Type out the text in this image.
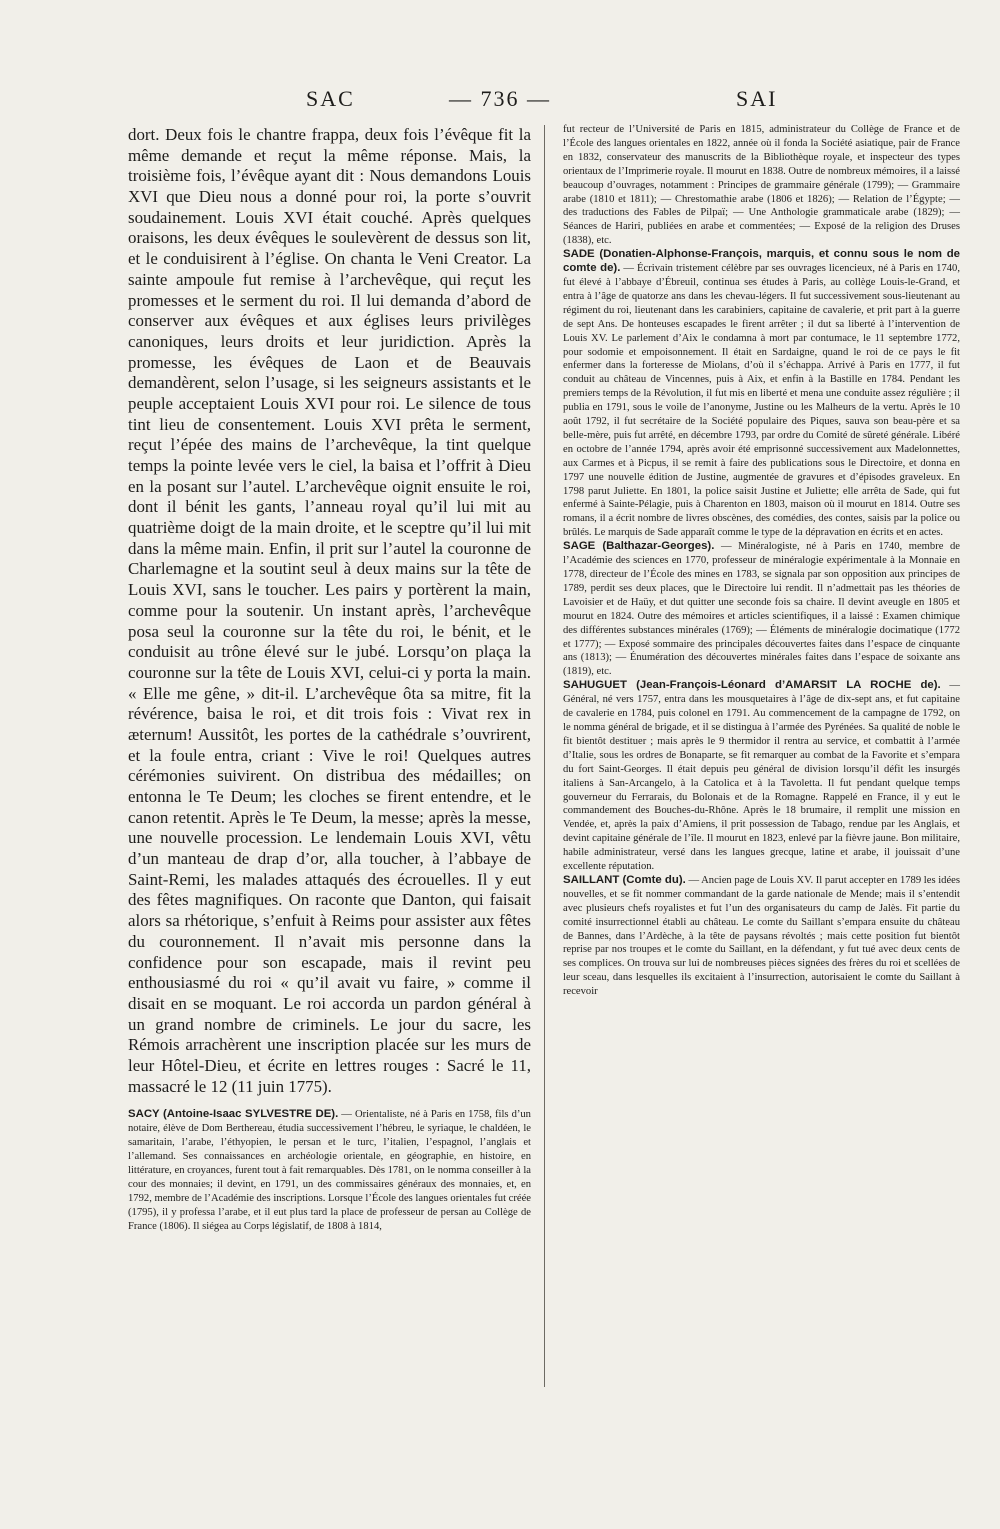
SAC	— 736 —	SAI

dort. Deux fois le chantre frappa, deux fois l’évêque fit la même demande et reçut la même réponse. Mais, la troisième fois, l’évêque ayant dit : Nous demandons Louis XVI que Dieu nous a donné pour roi, la porte s’ouvrit soudainement. Louis XVI était couché. Après quelques oraisons, les deux évêques le soulevèrent de dessus son lit, et le conduisirent à l’église. On chanta le Veni Creator. La sainte ampoule fut remise à l’archevêque, qui reçut les promesses et le serment du roi. Il lui demanda d’abord de conserver aux évêques et aux églises leurs privilèges canoniques, leurs droits et leur juridiction. Après la promesse, les évêques de Laon et de Beauvais demandèrent, selon l’usage, si les seigneurs assistants et le peuple acceptaient Louis XVI pour roi. Le silence de tous tint lieu de consentement. Louis XVI prêta le serment, reçut l’épée des mains de l’archevêque, la tint quelque temps la pointe levée vers le ciel, la baisa et l’offrit à Dieu en la posant sur l’autel. L’archevêque oignit ensuite le roi, dont il bénit les gants, l’anneau royal qu’il lui mit au quatrième doigt de la main droite, et le sceptre qu’il lui mit dans la même main. Enfin, il prit sur l’autel la couronne de Charlemagne et la soutint seul à deux mains sur la tête de Louis XVI, sans le toucher. Les pairs y portèrent la main, comme pour la soutenir. Un instant après, l’archevêque posa seul la couronne sur la tête du roi, le bénit, et le conduisit au trône élevé sur le jubé. Lorsqu’on plaça la couronne sur la tête de Louis XVI, celui-ci y porta la main. « Elle me gêne, » dit-il. L’archevêque ôta sa mitre, fit la révérence, baisa le roi, et dit trois fois : Vivat rex in æternum! Aussitôt, les portes de la cathédrale s’ouvrirent, et la foule entra, criant : Vive le roi! Quelques autres cérémonies suivirent. On distribua des médailles; on entonna le Te Deum; les cloches se firent entendre, et le canon retentit. Après le Te Deum, la messe; après la messe, une nouvelle procession. Le lendemain Louis XVI, vêtu d’un manteau de drap d’or, alla toucher, à l’abbaye de Saint-Remi, les malades attaqués des écrouelles. Il y eut des fêtes magnifiques. On raconte que Danton, qui faisait alors sa rhétorique, s’enfuit à Reims pour assister aux fêtes du couronnement. Il n’avait mis personne dans la confidence pour son escapade, mais il revint peu enthousiasmé du roi « qu’il avait vu faire, » comme il disait en se moquant. Le roi accorda un pardon général à un grand nombre de criminels. Le jour du sacre, les Rémois arrachèrent une inscription placée sur les murs de leur Hôtel-Dieu, et écrite en lettres rouges : Sacré le 11, massacré le 12 (11 juin 1775).

SACY (Antoine-Isaac SYLVESTRE DE). — Orientaliste, né à Paris en 1758, fils d’un notaire, élève de Dom Berthereau, étudia successivement l’hébreu, le syriaque, le chaldéen, le samaritain, l’arabe, l’éthyopien, le persan et le turc, l’italien, l’espagnol, l’anglais et l’allemand. Ses connaissances en archéologie orientale, en géographie, en histoire, en littérature, en croyances, furent tout à fait remarquables. Dès 1781, on le nomma conseiller à la cour des monnaies; il devint, en 1791, un des commissaires généraux des monnaies, et, en 1792, membre de l’Académie des inscriptions. Lorsque l’École des langues orientales fut créée (1795), il y professa l’arabe, et il eut plus tard la place de professeur de persan au Collège de France (1806). Il siégea au Corps législatif, de 1808 à 1814,

fut recteur de l’Université de Paris en 1815, administrateur du Collège de France et de l’École des langues orientales en 1822, année où il fonda la Société asiatique, pair de France en 1832, conservateur des manuscrits de la Bibliothèque royale, et inspecteur des types orientaux de l’Imprimerie royale. Il mourut en 1838. Outre de nombreux mémoires, il a laissé beaucoup d’ouvrages, notamment : Principes de grammaire générale (1799); — Grammaire arabe (1810 et 1811); — Chrestomathie arabe (1806 et 1826); — Relation de l’Égypte; — des traductions des Fables de Pilpaï; — Une Anthologie grammaticale arabe (1829); — Séances de Hariri, publiées en arabe et commentées; — Exposé de la religion des Druses (1838), etc.

SADE (Donatien-Alphonse-François, marquis, et connu sous le nom de comte de). — Écrivain tristement célèbre par ses ouvrages licencieux, né à Paris en 1740, fut élevé à l’abbaye d’Ébreuil, continua ses études à Paris, au collège Louis-le-Grand, et entra à l’âge de quatorze ans dans les chevau-légers. Il fut successivement sous-lieutenant au régiment du roi, lieutenant dans les carabiniers, capitaine de cavalerie, et prit part à la guerre de sept Ans. De honteuses escapades le firent arrêter ; il dut sa liberté à l’intervention de Louis XV. Le parlement d’Aix le condamna à mort par contumace, le 11 septembre 1772, pour sodomie et empoisonnement. Il était en Sardaigne, quand le roi de ce pays le fit enfermer dans la forteresse de Miolans, d’où il s’échappa. Arrivé à Paris en 1777, il fut conduit au château de Vincennes, puis à Aix, et enfin à la Bastille en 1784. Pendant les premiers temps de la Révolution, il fut mis en liberté et mena une conduite assez régulière ; il publia en 1791, sous le voile de l’anonyme, Justine ou les Malheurs de la vertu. Après le 10 août 1792, il fut secrétaire de la Société populaire des Piques, sauva son beau-père et sa belle-mère, puis fut arrêté, en décembre 1793, par ordre du Comité de sûreté générale. Libéré en octobre de l’année 1794, après avoir été emprisonné successivement aux Madelonnettes, aux Carmes et à Picpus, il se remit à faire des publications sous le Directoire, et donna en 1797 une nouvelle édition de Justine, augmentée de gravures et d’épisodes graveleux. En 1798 parut Juliette. En 1801, la police saisit Justine et Juliette; elle arrêta de Sade, qui fut enfermé à Sainte-Pélagie, puis à Charenton en 1803, maison où il mourut en 1814. Outre ses romans, il a écrit nombre de livres obscènes, des comédies, des contes, saisis par la police ou brûlés. Le marquis de Sade apparaît comme le type de la dépravation en écrits et en actes.

SAGE (Balthazar-Georges). — Minéralogiste, né à Paris en 1740, membre de l’Académie des sciences en 1770, professeur de minéralogie expérimentale à la Monnaie en 1778, directeur de l’École des mines en 1783, se signala par son opposition aux principes de 1789, perdit ses deux places, que le Directoire lui rendit. Il n’admettait pas les théories de Lavoisier et de Haüy, et dut quitter une seconde fois sa chaire. Il devint aveugle en 1805 et mourut en 1824. Outre des mémoires et articles scientifiques, il a laissé : Examen chimique des différentes substances minérales (1769); — Éléments de minéralogie docimatique (1772 et 1777); — Exposé sommaire des principales découvertes faites dans l’espace de cinquante ans (1813); — Énumération des découvertes minérales faites dans l’espace de soixante ans (1819), etc.

SAHUGUET (Jean-François-Léonard d’AMARSIT LA ROCHE de). — Général, né vers 1757, entra dans les mousquetaires à l’âge de dix-sept ans, et fut capitaine de cavalerie en 1784, puis colonel en 1791. Au commencement de la campagne de 1792, on le nomma général de brigade, et il se distingua à l’armée des Pyrénées. Sa qualité de noble le fit bientôt destituer ; mais après le 9 thermidor il rentra au service, et combattit à l’armée d’Italie, sous les ordres de Bonaparte, se fit remarquer au combat de la Favorite et s’empara du fort Saint-Georges. Il était depuis peu général de division lorsqu’il défit les insurgés italiens à San-Arcangelo, à la Catolica et à la Tavoletta. Il fut pendant quelque temps gouverneur du Ferrarais, du Bolonais et de la Romagne. Rappelé en France, il y eut le commandement des Bouches-du-Rhône. Après le 18 brumaire, il remplit une mission en Vendée, et, après la paix d’Amiens, il prit possession de Tabago, rendue par les Anglais, et devint capitaine générale de l’île. Il mourut en 1823, enlevé par la fièvre jaune. Bon militaire, habile administrateur, versé dans les langues grecque, latine et arabe, il jouissait d’une excellente réputation.

SAILLANT (Comte du). — Ancien page de Louis XV. Il parut accepter en 1789 les idées nouvelles, et se fit nommer commandant de la garde nationale de Mende; mais il s’entendit avec plusieurs chefs royalistes et fut l’un des organisateurs du camp de Jalès. Fit partie du comité insurrectionnel établi au château. Le comte du Saillant s’empara ensuite du château de Bannes, dans l’Ardèche, à la tête de paysans révoltés ; mais cette position fut bientôt reprise par nos troupes et le comte du Saillant, en la défendant, y fut tué avec deux cents de ses complices. On trouva sur lui de nombreuses pièces signées des frères du roi et scellées de leur sceau, dans lesquelles ils excitaient à l’insurrection, autorisaient le comte du Saillant à recevoir
